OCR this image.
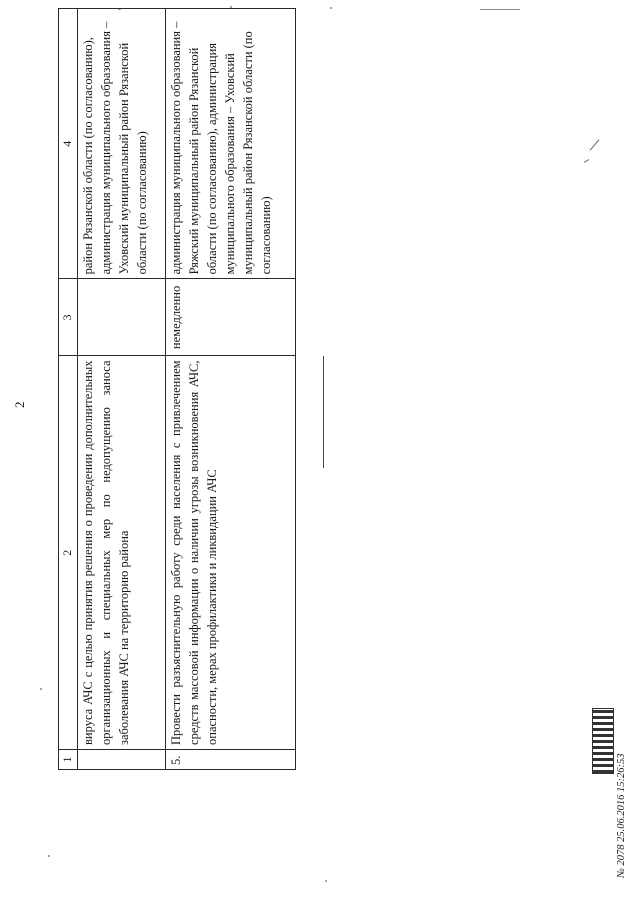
2
1	2	3	4
	вируса АЧС с целью принятия решения о проведении дополнительных организационных и специальных мер по недопущению заноса заболевания АЧС на территорию района		район Рязанской области (по согласованию), администрация муниципального образования – Уховский муниципальный район Рязанской области (по согласованию)
5.	Провести разъяснительную работу среди населения с привлечением средств массовой информации о наличии угрозы возникновения АЧС, опасности, мерах профилактики и ликвидации АЧС	немедленно	администрация муниципального образования – Ряжский муниципальный район Рязанской области (по согласованию), администрация муниципального образования – Уховский муниципальный район Рязанской области (по согласованию)
№ 2078 25.06.2016 15:26:53
